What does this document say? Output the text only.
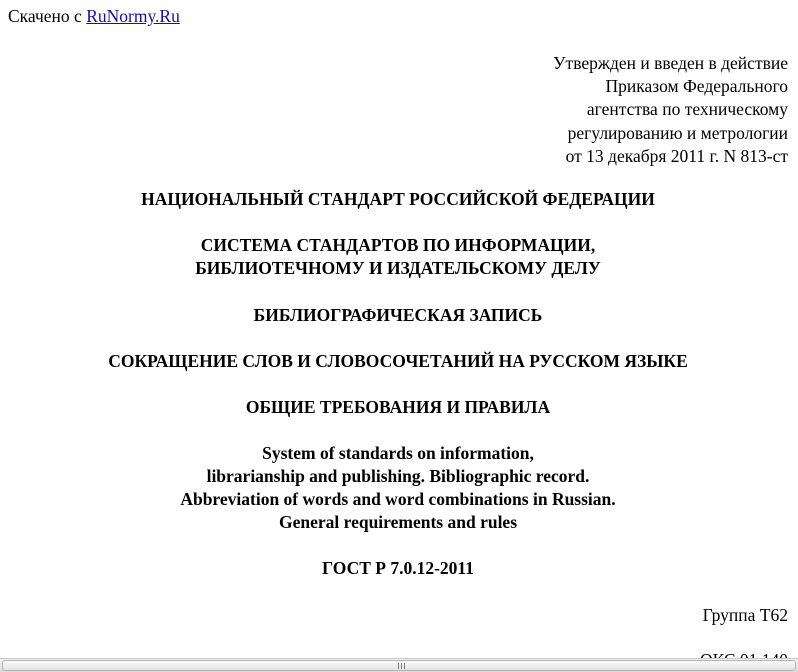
Скачено с RuNormy.Ru
Утвержден и введен в действие
Приказом Федерального
агентства по техническому
регулированию и метрологии
от 13 декабря 2011 г. N 813-ст
НАЦИОНАЛЬНЫЙ СТАНДАРТ РОССИЙСКОЙ ФЕДЕРАЦИИ
СИСТЕМА СТАНДАРТОВ ПО ИНФОРМАЦИИ,
БИБЛИОТЕЧНОМУ И ИЗДАТЕЛЬСКОМУ ДЕЛУ
БИБЛИОГРАФИЧЕСКАЯ ЗАПИСЬ
СОКРАЩЕНИЕ СЛОВ И СЛОВОСОЧЕТАНИЙ НА РУССКОМ ЯЗЫКЕ
ОБЩИЕ ТРЕБОВАНИЯ И ПРАВИЛА
System of standards on information,
librarianship and publishing. Bibliographic record.
Abbreviation of words and word combinations in Russian.
General requirements and rules
ГОСТ Р 7.0.12-2011
Группа Т62
